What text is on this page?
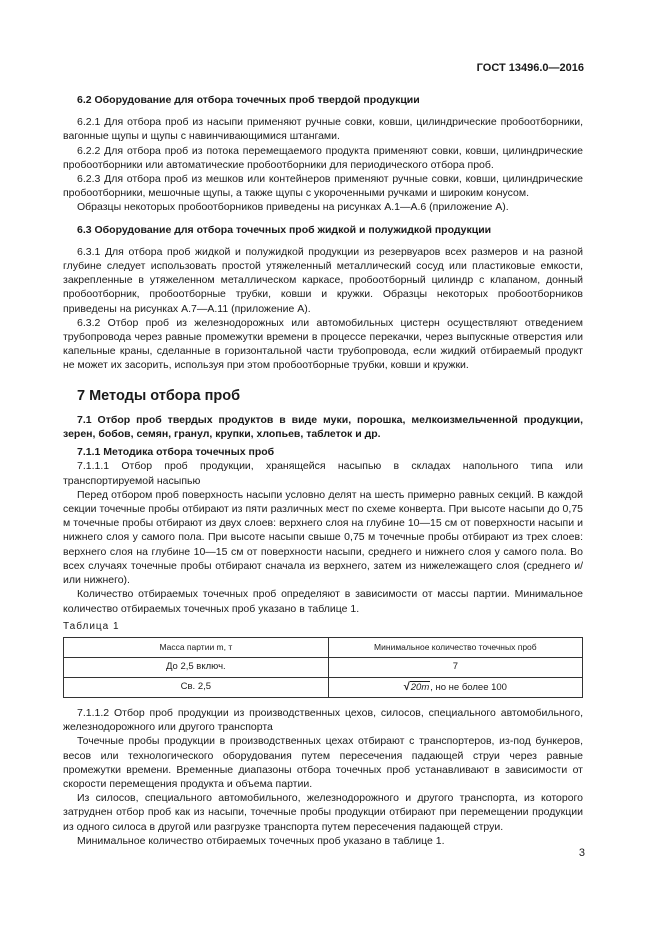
ГОСТ 13496.0—2016

6.2 Оборудование для отбора точечных проб твердой продукции

6.2.1 Для отбора проб из насыпи применяют ручные совки, ковши, цилиндрические пробоотборники, вагонные щупы и щупы с навинчивающимися штангами.

6.2.2 Для отбора проб из потока перемещаемого продукта применяют совки, ковши, цилиндрические пробоотборники или автоматические пробоотборники для периодического отбора проб.

6.2.3 Для отбора проб из мешков или контейнеров применяют ручные совки, ковши, цилиндрические пробоотборники, мешочные щупы, а также щупы с укороченными ручками и широким конусом.

Образцы некоторых пробоотборников приведены на рисунках А.1—А.6 (приложение А).

6.3 Оборудование для отбора точечных проб жидкой и полужидкой продукции

6.3.1 Для отбора проб жидкой и полужидкой продукции из резервуаров всех размеров и на разной глубине следует использовать простой утяжеленный металлический сосуд или пластиковые емкости, закрепленные в утяжеленном металлическом каркасе, пробоотборный цилиндр с клапаном, донный пробоотборник, пробоотборные трубки, ковши и кружки. Образцы некоторых пробоотборников приведены на рисунках А.7—А.11 (приложение А).

6.3.2 Отбор проб из железнодорожных или автомобильных цистерн осуществляют отведением трубопровода через равные промежутки времени в процессе перекачки, через выпускные отверстия или капельные краны, сделанные в горизонтальной части трубопровода, если жидкий отбираемый продукт не может их засорить, используя при этом пробоотборные трубки, ковши и кружки.

7 Методы отбора проб

7.1 Отбор проб твердых продуктов в виде муки, порошка, мелкоизмельченной продукции, зерен, бобов, семян, гранул, крупки, хлопьев, таблеток и др.

7.1.1 Методика отбора точечных проб

7.1.1.1 Отбор проб продукции, хранящейся насыпью в складах напольного типа или транспортируемой насыпью

Перед отбором проб поверхность насыпи условно делят на шесть примерно равных секций. В каждой секции точечные пробы отбирают из пяти различных мест по схеме конверта. При высоте насыпи до 0,75 м точечные пробы отбирают из двух слоев: верхнего слоя на глубине 10—15 см от поверхности насыпи и нижнего слоя у самого пола. При высоте насыпи свыше 0,75 м точечные пробы отбирают из трех слоев: верхнего слоя на глубине 10—15 см от поверхности насыпи, среднего и нижнего слоя у самого пола. Во всех случаях точечные пробы отбирают сначала из верхнего, затем из нижележащего слоя (среднего и/или нижнего).

Количество отбираемых точечных проб определяют в зависимости от массы партии. Минимальное количество отбираемых точечных проб указано в таблице 1.

Таблица 1
Масса партии m, т	Минимальное количество точечных проб
До 2,5 включ.	7
Св. 2,5	√20m, но не более 100

7.1.1.2 Отбор проб продукции из производственных цехов, силосов, специального автомобильного, железнодорожного или другого транспорта

Точечные пробы продукции в производственных цехах отбирают с транспортеров, из-под бункеров, весов или технологического оборудования путем пересечения падающей струи через равные промежутки времени. Временные диапазоны отбора точечных проб устанавливают в зависимости от скорости перемещения продукта и объема партии.

Из силосов, специального автомобильного, железнодорожного и другого транспорта, из которого затруднен отбор проб как из насыпи, точечные пробы продукции отбирают при перемещении продукции из одного силоса в другой или разгрузке транспорта путем пересечения падающей струи.

Минимальное количество отбираемых точечных проб указано в таблице 1.

3
